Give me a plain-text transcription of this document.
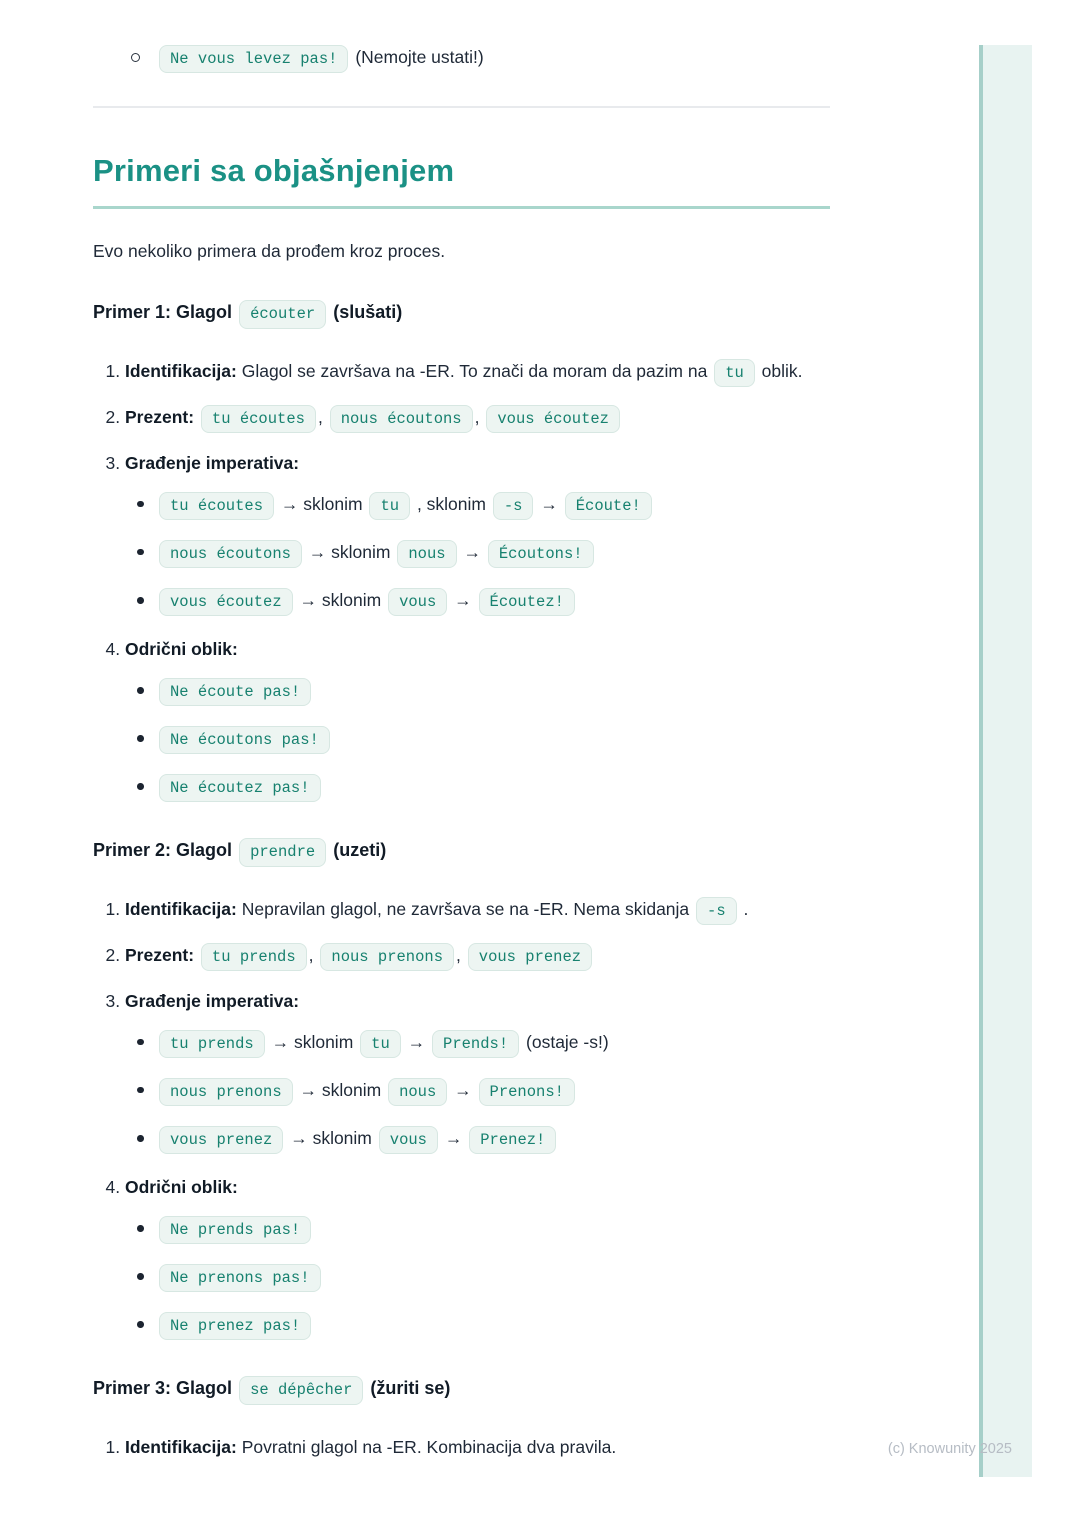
Ne vous levez pas! (Nemojte ustati!)
Primeri sa objašnjenjem

Evo nekoliko primera da prođem kroz proces.

Primer 1: Glagol écouter (slušati)
1. Identifikacija: Glagol se završava na -ER. To znači da moram da pazim na tu oblik.
2. Prezent: tu écoutes , nous écoutons , vous écoutez
3. Građenje imperativa:
tu écoutes → sklonim tu , sklonim -s → Écoute!
nous écoutons → sklonim nous → Écoutons!
vous écoutez → sklonim vous → Écoutez!
4. Odrični oblik:
Ne écoute pas!
Ne écoutons pas!
Ne écoutez pas!
Primer 2: Glagol prendre (uzeti)
1. Identifikacija: Nepravilan glagol, ne završava se na -ER. Nema skidanja -s .
2. Prezent: tu prends , nous prenons , vous prenez
3. Građenje imperativa:
tu prends → sklonim tu → Prends! (ostaje -s!)
nous prenons → sklonim nous → Prenons!
vous prenez → sklonim vous → Prenez!
4. Odrični oblik:
Ne prends pas!
Ne prenons pas!
Ne prenez pas!
Primer 3: Glagol se dépêcher (žuriti se)
1. Identifikacija: Povratni glagol na -ER. Kombinacija dva pravila.	(c) Knowunity 2025
